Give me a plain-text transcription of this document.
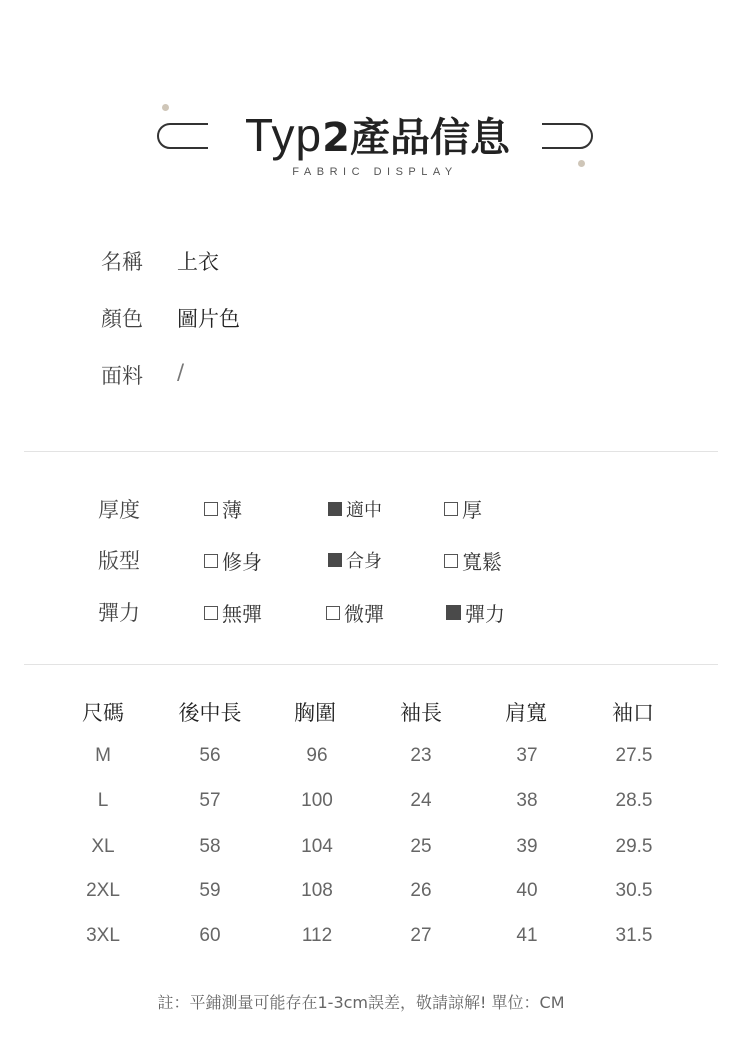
Typ 2產品信息
FABRIC DISPLAY
名稱 上衣
顏色 圖片色
面料 /
厚度	薄	適中	厚
版型	修身	合身	寬鬆
彈力	無彈	微彈	彈力
尺碼	後中長	胸圍	袖長	肩寬	袖口
M	56	96	23	37	27.5
L	57	100	24	38	28.5
XL	58	104	25	39	29.5
2XL	59	108	26	40	30.5
3XL	60	112	27	41	31.5
註：平鋪測量可能存在1-3cm誤差，敬請諒解! 單位：CM
